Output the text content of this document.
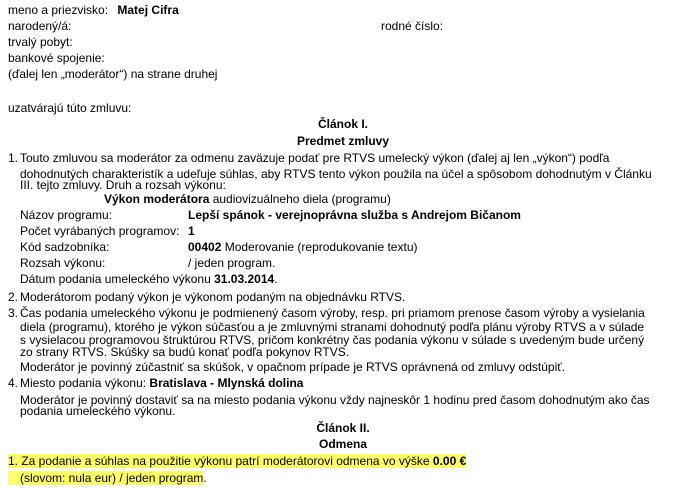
meno a priezvisko: Matej Cifra
narodený/á:	rodné číslo:
trvalý pobyt:
bankové spojenie:
(ďalej len „moderátor“) na strane druhej
uzatvárajú túto zmluvu:
Článok I.
Predmet zmluvy
1. Touto zmluvou sa moderátor za odmenu zaväzuje podať pre RTVS umelecký výkon (ďalej aj len „výkon“) podľa
dohodnutých charakteristík a udeľuje súhlas, aby RTVS tento výkon použila na účel a spôsobom dohodnutým v Článku
III. tejto zmluvy. Druh a rozsah výkonu:
Výkon moderátora audiovizuálneho diela (programu)
Názov programu:	Lepší spánok - verejnoprávna služba s Andrejom Bičanom
Počet vyrábaných programov: 1
Kód sadzobníka:	00402 Moderovanie (reprodukovanie textu)
Rozsah výkonu:	/ jeden program.
Dátum podania umeleckého výkonu 31.03.2014.
2. Moderátorom podaný výkon je výkonom podaným na objednávku RTVS.
3. Čas podania umeleckého výkonu je podmienený časom výroby, resp. pri priamom prenose časom výroby a vysielania
diela (programu), ktorého je výkon súčasťou a je zmluvnými stranami dohodnutý podľa plánu výroby RTVS a v súlade
s vysielacou programovou štruktúrou RTVS, pričom konkrétny čas podania výkonu v súlade s uvedeným bude určený
zo strany RTVS. Skúšky sa budú konať podľa pokynov RTVS.
Moderátor je povinný zúčastniť sa skúšok, v opačnom prípade je RTVS oprávnená od zmluvy odstúpiť.
4. Miesto podania výkonu: Bratislava - Mlynská dolina
Moderátor je povinný dostaviť sa na miesto podania výkonu vždy najneskôr 1 hodinu pred časom dohodnutým ako čas
podania umeleckého výkonu.
Článok II.
Odmena
1. Za podanie a súhlas na použitie výkonu patrí moderátorovi odmena vo výške 0.00 €
(slovom: nula eur) / jeden program.
